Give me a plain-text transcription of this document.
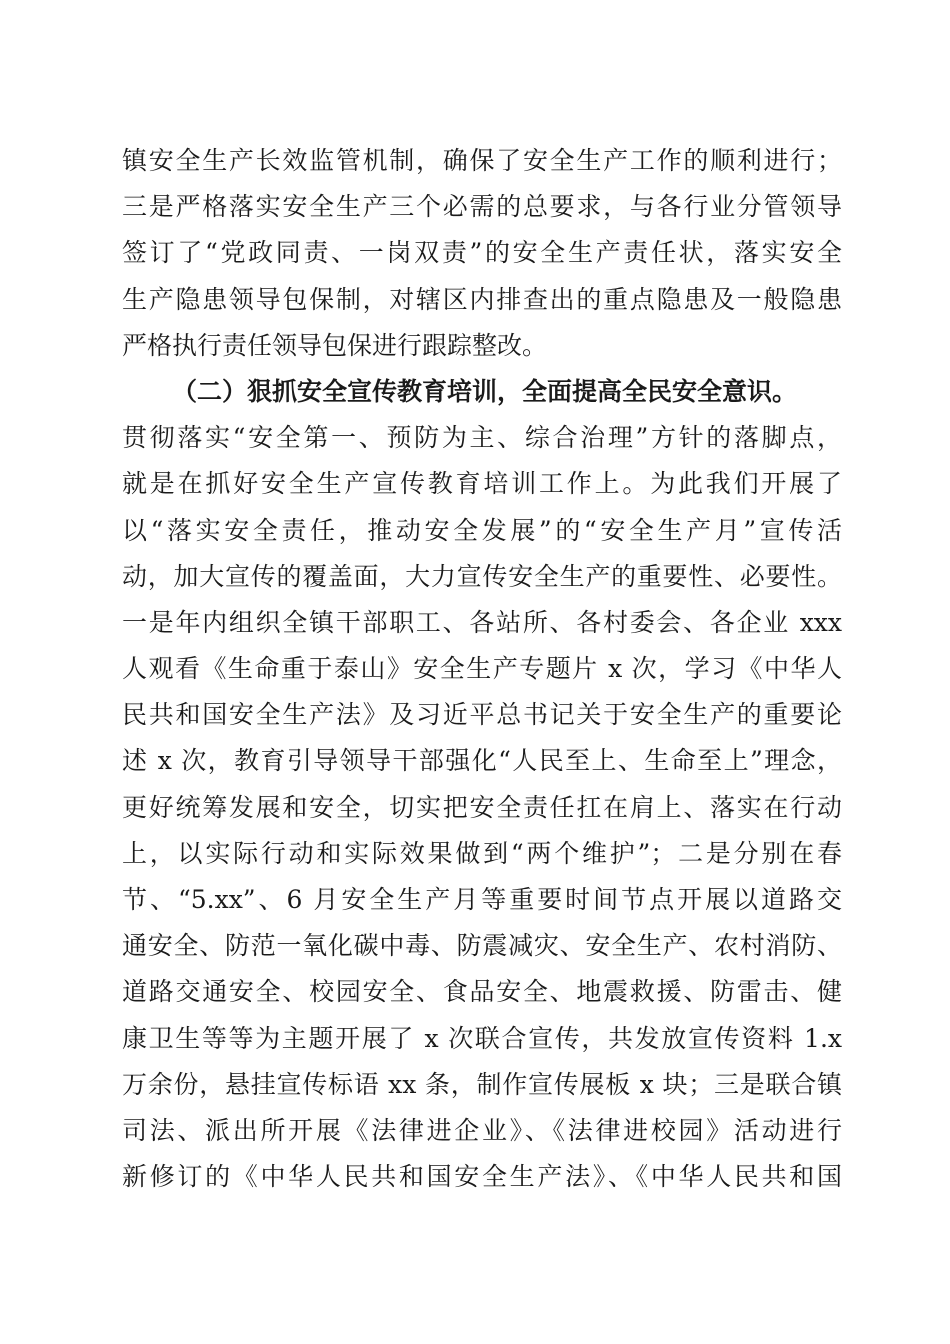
镇安全生产长效监管机制，确保了安全生产工作的顺利进行；
三是严格落实安全生产三个必需的总要求，与各行业分管领导
签订了“党政同责、一岗双责”的安全生产责任状，落实安全
生产隐患领导包保制，对辖区内排查出的重点隐患及一般隐患
严格执行责任领导包保进行跟踪整改。
（二）狠抓安全宣传教育培训，全面提高全民安全意识。
贯彻落实“安全第一、预防为主、综合治理”方针的落脚点，
就是在抓好安全生产宣传教育培训工作上。为此我们开展了
以“落实安全责任，推动安全发展”的“安全生产月”宣传活
动，加大宣传的覆盖面，大力宣传安全生产的重要性、必要性。
一是年内组织全镇干部职工、各站所、各村委会、各企业 xxx
人观看《生命重于泰山》安全生产专题片 x 次，学习《中华人
民共和国安全生产法》及习近平总书记关于安全生产的重要论
述 x 次，教育引导领导干部强化“人民至上、生命至上”理念，
更好统筹发展和安全，切实把安全责任扛在肩上、落实在行动
上，以实际行动和实际效果做到“两个维护”；二是分别在春
节、“5.xx”、6 月安全生产月等重要时间节点开展以道路交
通安全、防范一氧化碳中毒、防震减灾、安全生产、农村消防、
道路交通安全、校园安全、食品安全、地震救援、防雷击、健
康卫生等等为主题开展了 x 次联合宣传，共发放宣传资料 1.x
万余份，悬挂宣传标语 xx 条，制作宣传展板 x 块；三是联合镇
司法、派出所开展《法律进企业》、《法律进校园》活动进行
新修订的《中华人民共和国安全生产法》、《中华人民共和国
